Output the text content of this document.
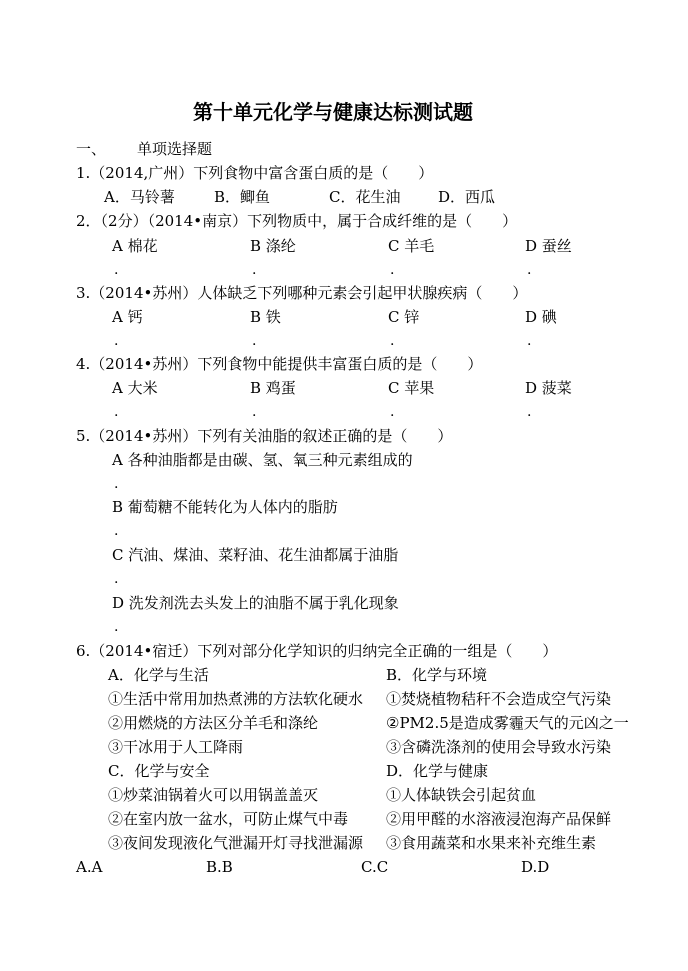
第十单元化学与健康达标测试题
一、 单项选择题
1.（2014,广州）下列食物中富含蛋白质的是（　　）
A．马铃薯	B．鲫鱼	C．花生油	D．西瓜
2．（2分）（2014•南京）下列物质中，属于合成纤维的是（　　）
A 棉花	B 涤纶	C 羊毛	D 蚕丝
.	.	.	.
3.（2014•苏州）人体缺乏下列哪种元素会引起甲状腺疾病（　　）
A 钙	B 铁	C 锌	D 碘
.	.	.	.
4.（2014•苏州）下列食物中能提供丰富蛋白质的是（　　）
A 大米	B 鸡蛋	C 苹果	D 菠菜
.	.	.	.
5.（2014•苏州）下列有关油脂的叙述正确的是（　　）
A 各种油脂都是由碳、氢、氧三种元素组成的
.
B 葡萄糖不能转化为人体内的脂肪
.
C 汽油、煤油、菜籽油、花生油都属于油脂
.
D 洗发剂洗去头发上的油脂不属于乳化现象
.
6.（2014•宿迁）下列对部分化学知识的归纳完全正确的一组是（　　）
A．化学与生活
①生活中常用加热煮沸的方法软化硬水
②用燃烧的方法区分羊毛和涤纶
③干冰用于人工降雨
B．化学与环境
①焚烧植物秸秆不会造成空气污染
②PM2.5是造成雾霾天气的元凶之一
③含磷洗涤剂的使用会导致水污染
C．化学与安全
①炒菜油锅着火可以用锅盖盖灭
②在室内放一盆水，可防止煤气中毒
③夜间发现液化气泄漏开灯寻找泄漏源
D．化学与健康
①人体缺铁会引起贫血
②用甲醛的水溶液浸泡海产品保鲜
③食用蔬菜和水果来补充维生素
A.A	B.B	C.C	D.D
